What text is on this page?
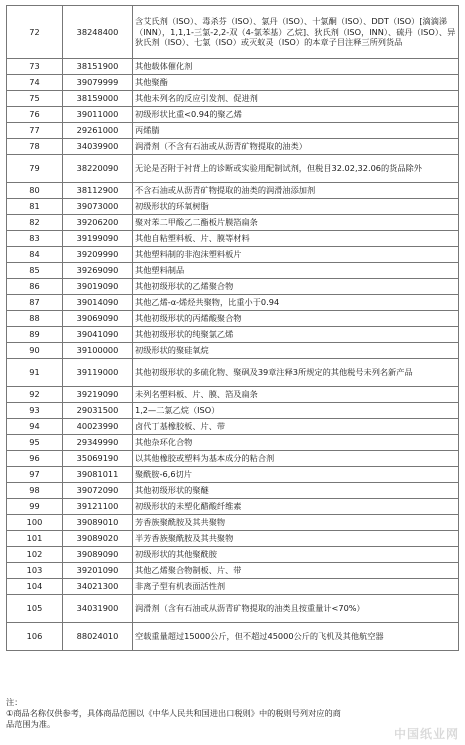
72	38248400	含艾氏剂（ISO）、毒杀芬（ISO）、氯丹（ISO）、十氯酮（ISO）、DDT（ISO）[滴滴涕（INN），1,1,1-三氯-2,2-双（4-氯苯基）乙烷]、狄氏剂（ISO，INN）、硫丹（ISO）、异狄氏剂（ISO）、七氯（ISO）或灭蚁灵（ISO）的本章子目注释三所列货品
73	38151900	其他载体催化剂
74	39079999	其他聚酯
75	38159000	其他未列名的反应引发剂、促进剂
76	39011000	初级形状比重<0.94的聚乙烯
77	29261000	丙烯腈
78	34039900	润滑剂（不含有石油或从沥青矿物提取的油类）
79	38220090	无论是否附于衬背上的诊断或实验用配制试剂，但税目32.02,32.06的货品除外
80	38112900	不含石油或从沥青矿物提取的油类的润滑油添加剂
81	39073000	初级形状的环氧树脂
82	39206200	聚对苯二甲酸乙二酯板片膜箔扁条
83	39199090	其他自粘塑料板、片、膜等材料
84	39209990	其他塑料制的非泡沫塑料板片
85	39269090	其他塑料制品
86	39019090	其他初级形状的乙烯聚合物
87	39014090	其他乙烯-α-烯烃共聚物，比重小于0.94
88	39069090	其他初级形状的丙烯酸聚合物
89	39041090	其他初级形状的纯聚氯乙烯
90	39100000	初级形状的聚硅氧烷
91	39119000	其他初级形状的多硫化物、聚砜及39章注释3所规定的其他税号未列名新产品
92	39219090	未列名塑料板、片、膜、箔及扁条
93	29031500	1,2—二氯乙烷（ISO）
94	40023990	卤代丁基橡胶板、片、带
95	29349990	其他杂环化合物
96	35069190	以其他橡胶或塑料为基本成分的粘合剂
97	39081011	聚酰胺-6,6切片
98	39072090	其他初级形状的聚醚
99	39121100	初级形状的未塑化醋酸纤维素
100	39089010	芳香族聚酰胺及其共聚物
101	39089020	半芳香族聚酰胺及其共聚物
102	39089090	初级形状的其他聚酰胺
103	39201090	其他乙烯聚合物制板、片、带
104	34021300	非离子型有机表面活性剂
105	34031900	润滑剂（含有石油或从沥青矿物提取的油类且按重量计<70%）
106	88024010	空载重量超过15000公斤，但不超过45000公斤的飞机及其他航空器
注：
①商品名称仅供参考，具体商品范围以《中华人民共和国进出口税则》中的税则号列对应的商
品范围为准。
中国纸业网
